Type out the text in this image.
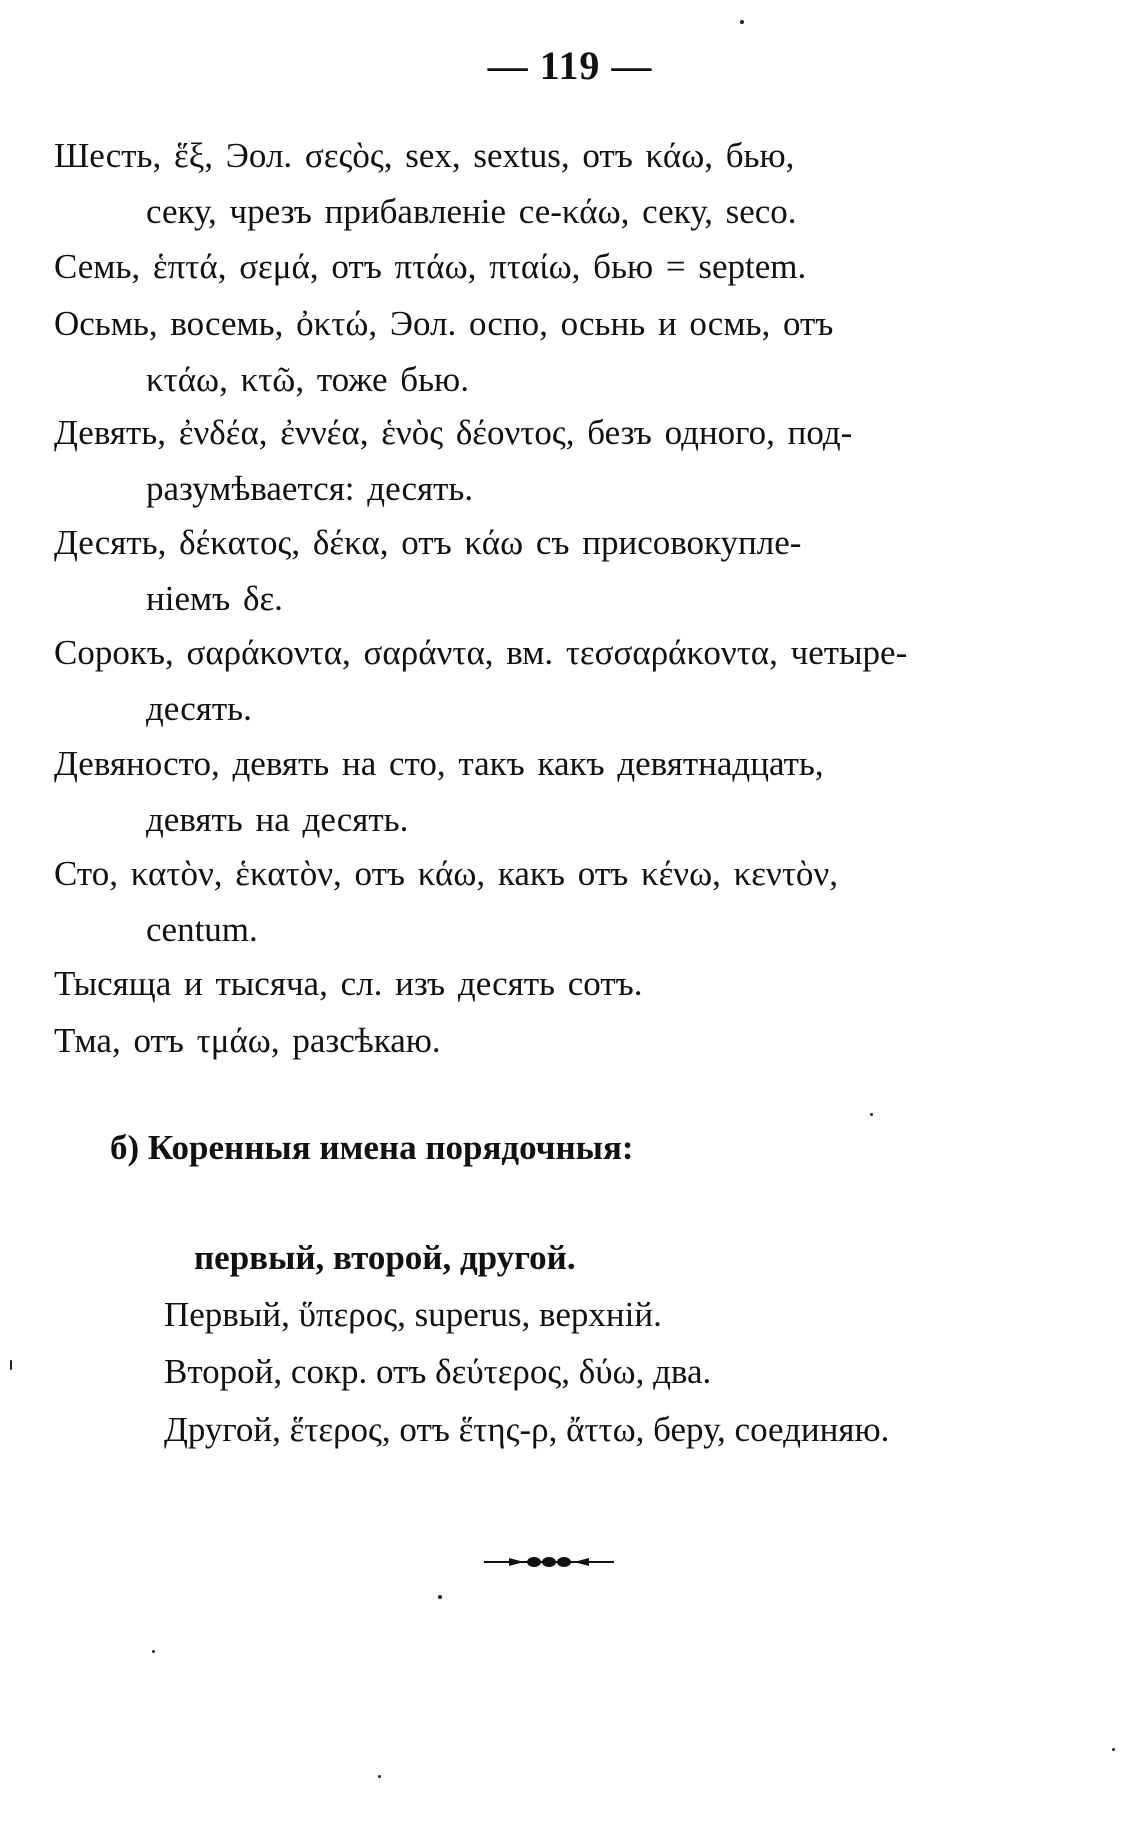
— 119 —
Шесть, ἕξ, Эол. σεςὸς, sex, sextus, отъ κάω, бью,
секу, чрезъ прибавленіе се-κάω, секу, seco.
Семь, ἑπτά, σεμά, отъ πτάω, πταίω, бью = septem.
Осьмь, восемь, ὀκτώ, Эол. оспо, осьнь и осмь, отъ
κτάω, κτῶ, тоже бью.
Девять, ἐνδέα, ἐννέα, ἑνὸς δέοντος, безъ одного, под-
разумѣвается: десять.
Десять, δέκατος, δέκα, отъ κάω съ присовокупле-
ніемъ δε.
Сорокъ, σαράκοντα, σαράντα, вм. τεσσαράκοντα, четыре-
десять.
Девяносто, девять на сто, такъ какъ девятнадцать,
девять на десять.
Сто, κατὸν, ἑκατὸν, отъ κάω, какъ отъ κένω, κεντὸν,
centum.
Тысяща и тысяча, сл. изъ десять сотъ.
Тма, отъ τμάω, разсѣкаю.
б) Коренныя имена порядочныя:
первый, второй, другой.
Первый, ὕπερος, superus, верхній.
Второй, сокр. отъ δεύτερος, δύω, два.
Другой, ἕτερος, отъ ἕτης-ρ, ἄττω, беру, соединяю.
